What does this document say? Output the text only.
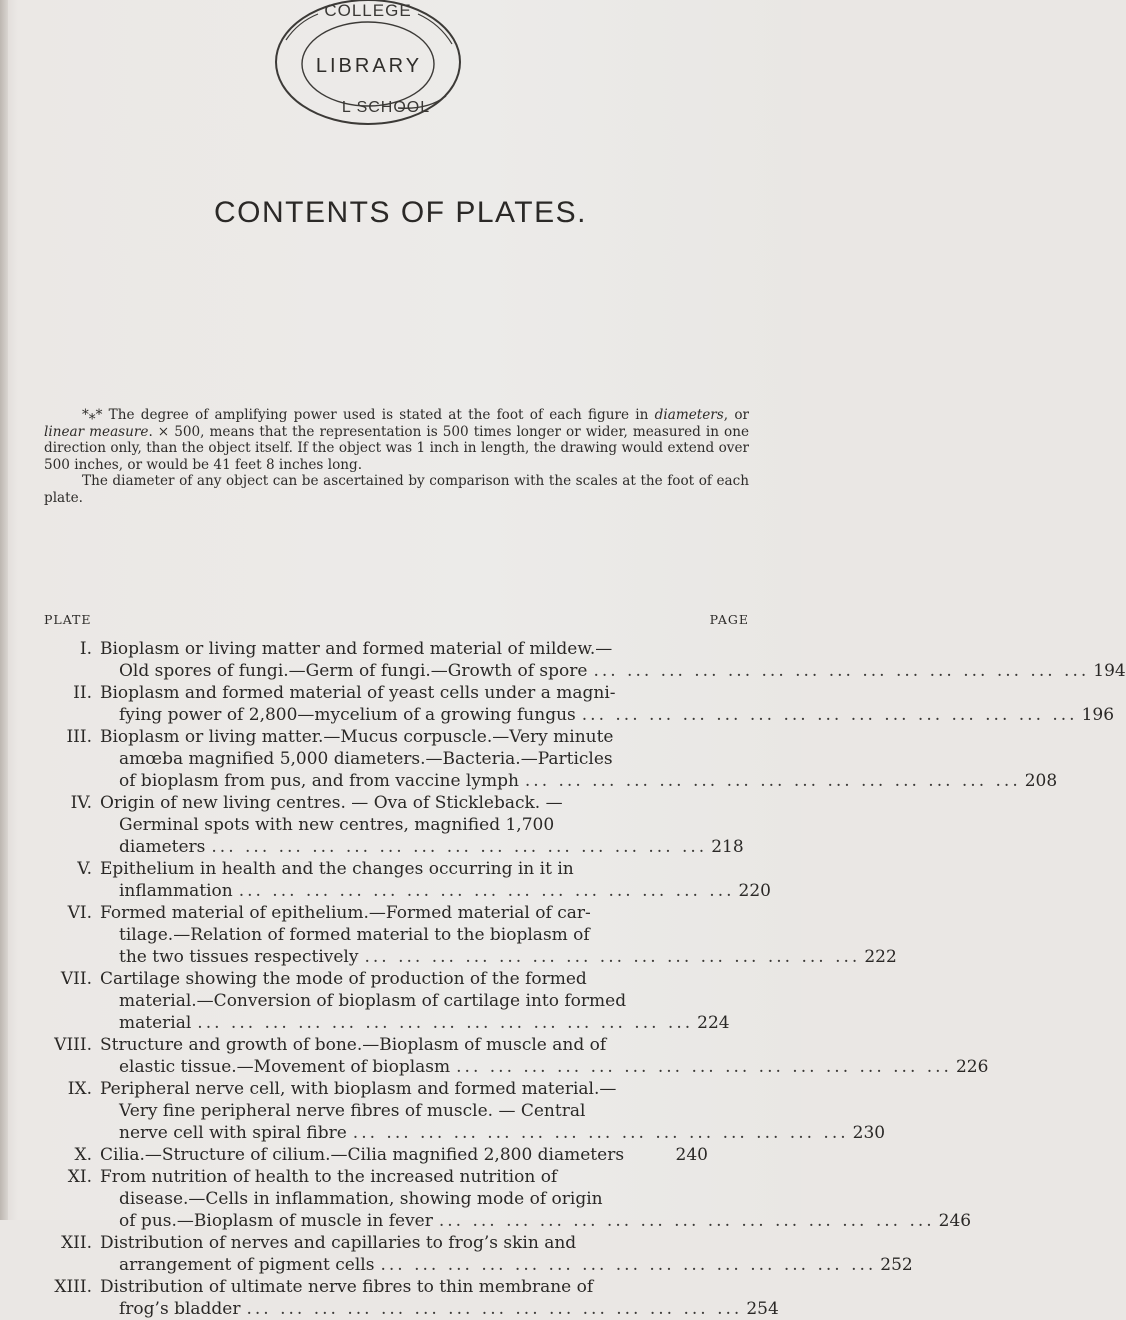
COLLEGE
LIBRARY
L SCHOOL
CONTENTS OF PLATES.

*⁎* The degree of amplifying power used is stated at the foot of each figure in diameters, or linear measure. × 500, means that the representation is 500 times longer or wider, measured in one direction only, than the object itself. If the object was 1 inch in length, the drawing would extend over 500 inches, or would be 41 feet 8 inches long.

The diameter of any object can be ascertained by comparison with the scales at the foot of each plate.

PLATE	PAGE
I. Bioplasm or living matter and formed material of mildew.—
Old spores of fungi.—Germ of fungi.—Growth of spore ... ... ... ... ... ... ... ... ... ... ... ... ... ... ... 194
II. Bioplasm and formed material of yeast cells under a magni-
fying power of 2,800—mycelium of a growing fungus ... ... ... ... ... ... ... ... ... ... ... ... ... ... ... 196
III. Bioplasm or living matter.—Mucus corpuscle.—Very minute
amœba magnified 5,000 diameters.—Bacteria.—Particles
of bioplasm from pus, and from vaccine lymph ... ... ... ... ... ... ... ... ... ... ... ... ... ... ... 208
IV. Origin of new living centres. — Ova of Stickleback. —
Germinal spots with new centres, magnified 1,700
diameters ... ... ... ... ... ... ... ... ... ... ... ... ... ... ... 218
V. Epithelium in health and the changes occurring in it in
inflammation ... ... ... ... ... ... ... ... ... ... ... ... ... ... ... 220
VI. Formed material of epithelium.—Formed material of car-
tilage.—Relation of formed material to the bioplasm of
the two tissues respectively ... ... ... ... ... ... ... ... ... ... ... ... ... ... ... 222
VII. Cartilage showing the mode of production of the formed
material.—Conversion of bioplasm of cartilage into formed
material ... ... ... ... ... ... ... ... ... ... ... ... ... ... ... 224
VIII. Structure and growth of bone.—Bioplasm of muscle and of
elastic tissue.—Movement of bioplasm ... ... ... ... ... ... ... ... ... ... ... ... ... ... ... 226
IX. Peripheral nerve cell, with bioplasm and formed material.—
Very fine peripheral nerve fibres of muscle. — Central
nerve cell with spiral fibre ... ... ... ... ... ... ... ... ... ... ... ... ... ... ... 230
X. Cilia.—Structure of cilium.—Cilia magnified 2,800 diameters	240
XI. From nutrition of health to the increased nutrition of
disease.—Cells in inflammation, showing mode of origin
of pus.—Bioplasm of muscle in fever ... ... ... ... ... ... ... ... ... ... ... ... ... ... ... 246
XII. Distribution of nerves and capillaries to frog’s skin and
arrangement of pigment cells ... ... ... ... ... ... ... ... ... ... ... ... ... ... ... 252
XIII. Distribution of ultimate nerve fibres to thin membrane of
frog’s bladder ... ... ... ... ... ... ... ... ... ... ... ... ... ... ... 254
